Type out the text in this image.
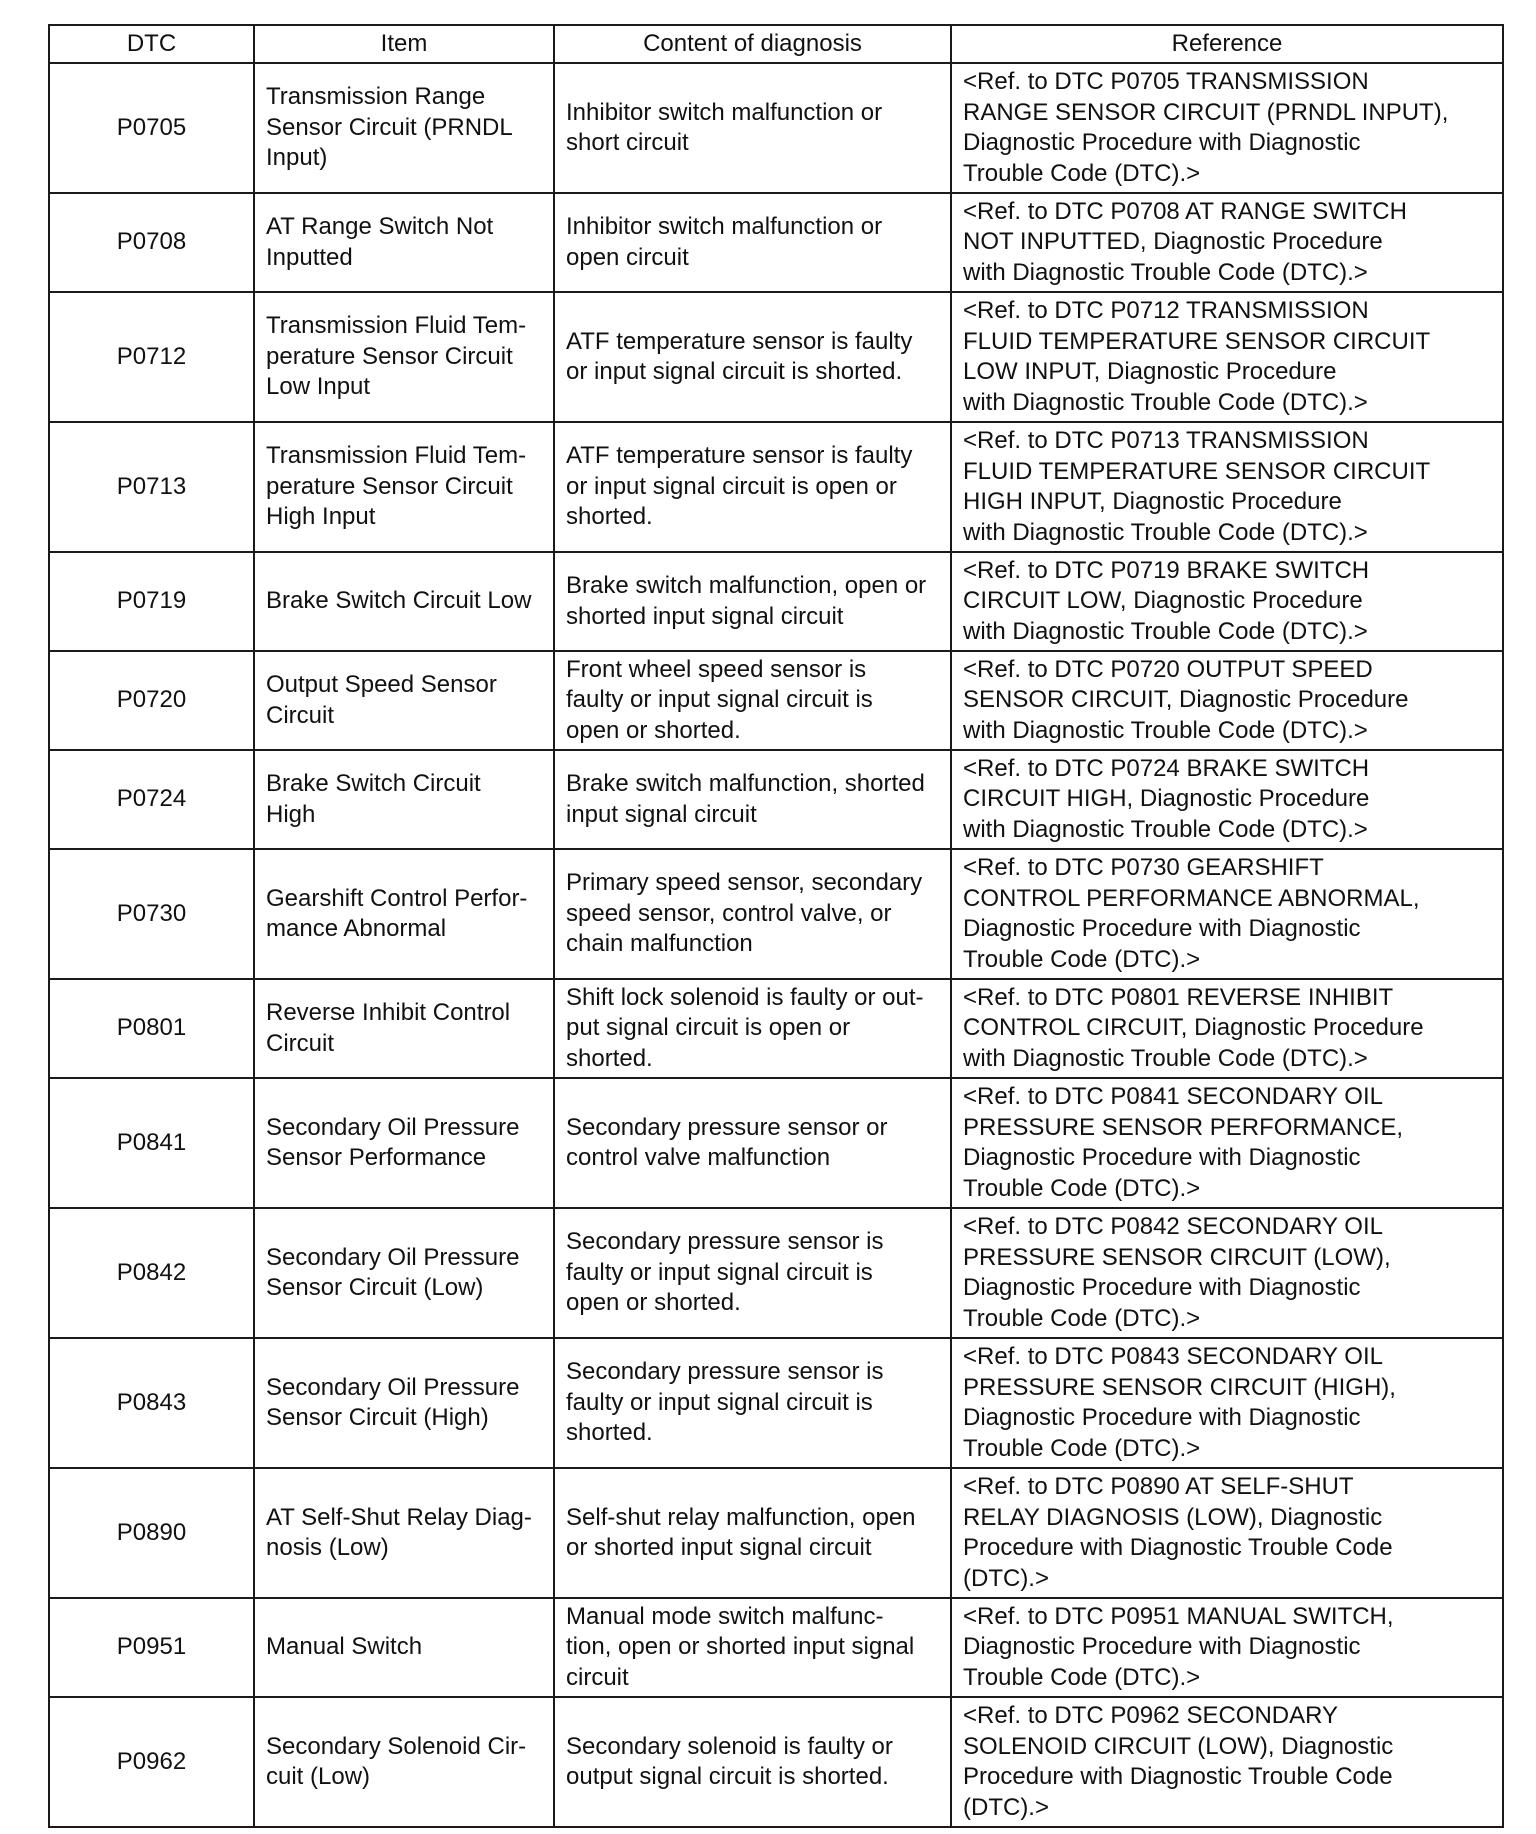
DTC	Item	Content of diagnosis	Reference
P0705	Transmission Range
Sensor Circuit (PRNDL
Input)	Inhibitor switch malfunction or
short circuit	<Ref. to DTC P0705 TRANSMISSION
RANGE SENSOR CIRCUIT (PRNDL INPUT),
Diagnostic Procedure with Diagnostic
Trouble Code (DTC).>
P0708	AT Range Switch Not
Inputted	Inhibitor switch malfunction or
open circuit	<Ref. to DTC P0708 AT RANGE SWITCH
NOT INPUTTED, Diagnostic Procedure
with Diagnostic Trouble Code (DTC).>
P0712	Transmission Fluid Tem-
perature Sensor Circuit
Low Input	ATF temperature sensor is faulty
or input signal circuit is shorted.	<Ref. to DTC P0712 TRANSMISSION
FLUID TEMPERATURE SENSOR CIRCUIT
LOW INPUT, Diagnostic Procedure
with Diagnostic Trouble Code (DTC).>
P0713	Transmission Fluid Tem-
perature Sensor Circuit
High Input	ATF temperature sensor is faulty
or input signal circuit is open or
shorted.	<Ref. to DTC P0713 TRANSMISSION
FLUID TEMPERATURE SENSOR CIRCUIT
HIGH INPUT, Diagnostic Procedure
with Diagnostic Trouble Code (DTC).>
P0719	Brake Switch Circuit Low	Brake switch malfunction, open or
shorted input signal circuit	<Ref. to DTC P0719 BRAKE SWITCH
CIRCUIT LOW, Diagnostic Procedure
with Diagnostic Trouble Code (DTC).>
P0720	Output Speed Sensor
Circuit	Front wheel speed sensor is
faulty or input signal circuit is
open or shorted.	<Ref. to DTC P0720 OUTPUT SPEED
SENSOR CIRCUIT, Diagnostic Procedure
with Diagnostic Trouble Code (DTC).>
P0724	Brake Switch Circuit
High	Brake switch malfunction, shorted
input signal circuit	<Ref. to DTC P0724 BRAKE SWITCH
CIRCUIT HIGH, Diagnostic Procedure
with Diagnostic Trouble Code (DTC).>
P0730	Gearshift Control Perfor-
mance Abnormal	Primary speed sensor, secondary
speed sensor, control valve, or
chain malfunction	<Ref. to DTC P0730 GEARSHIFT
CONTROL PERFORMANCE ABNORMAL,
Diagnostic Procedure with Diagnostic
Trouble Code (DTC).>
P0801	Reverse Inhibit Control
Circuit	Shift lock solenoid is faulty or out-
put signal circuit is open or
shorted.	<Ref. to DTC P0801 REVERSE INHIBIT
CONTROL CIRCUIT, Diagnostic Procedure
with Diagnostic Trouble Code (DTC).>
P0841	Secondary Oil Pressure
Sensor Performance	Secondary pressure sensor or
control valve malfunction	<Ref. to DTC P0841 SECONDARY OIL
PRESSURE SENSOR PERFORMANCE,
Diagnostic Procedure with Diagnostic
Trouble Code (DTC).>
P0842	Secondary Oil Pressure
Sensor Circuit (Low)	Secondary pressure sensor is
faulty or input signal circuit is
open or shorted.	<Ref. to DTC P0842 SECONDARY OIL
PRESSURE SENSOR CIRCUIT (LOW),
Diagnostic Procedure with Diagnostic
Trouble Code (DTC).>
P0843	Secondary Oil Pressure
Sensor Circuit (High)	Secondary pressure sensor is
faulty or input signal circuit is
shorted.	<Ref. to DTC P0843 SECONDARY OIL
PRESSURE SENSOR CIRCUIT (HIGH),
Diagnostic Procedure with Diagnostic
Trouble Code (DTC).>
P0890	AT Self-Shut Relay Diag-
nosis (Low)	Self-shut relay malfunction, open
or shorted input signal circuit	<Ref. to DTC P0890 AT SELF-SHUT
RELAY DIAGNOSIS (LOW), Diagnostic
Procedure with Diagnostic Trouble Code
(DTC).>
P0951	Manual Switch	Manual mode switch malfunc-
tion, open or shorted input signal
circuit	<Ref. to DTC P0951 MANUAL SWITCH,
Diagnostic Procedure with Diagnostic
Trouble Code (DTC).>
P0962	Secondary Solenoid Cir-
cuit (Low)	Secondary solenoid is faulty or
output signal circuit is shorted.	<Ref. to DTC P0962 SECONDARY
SOLENOID CIRCUIT (LOW), Diagnostic
Procedure with Diagnostic Trouble Code
(DTC).>
